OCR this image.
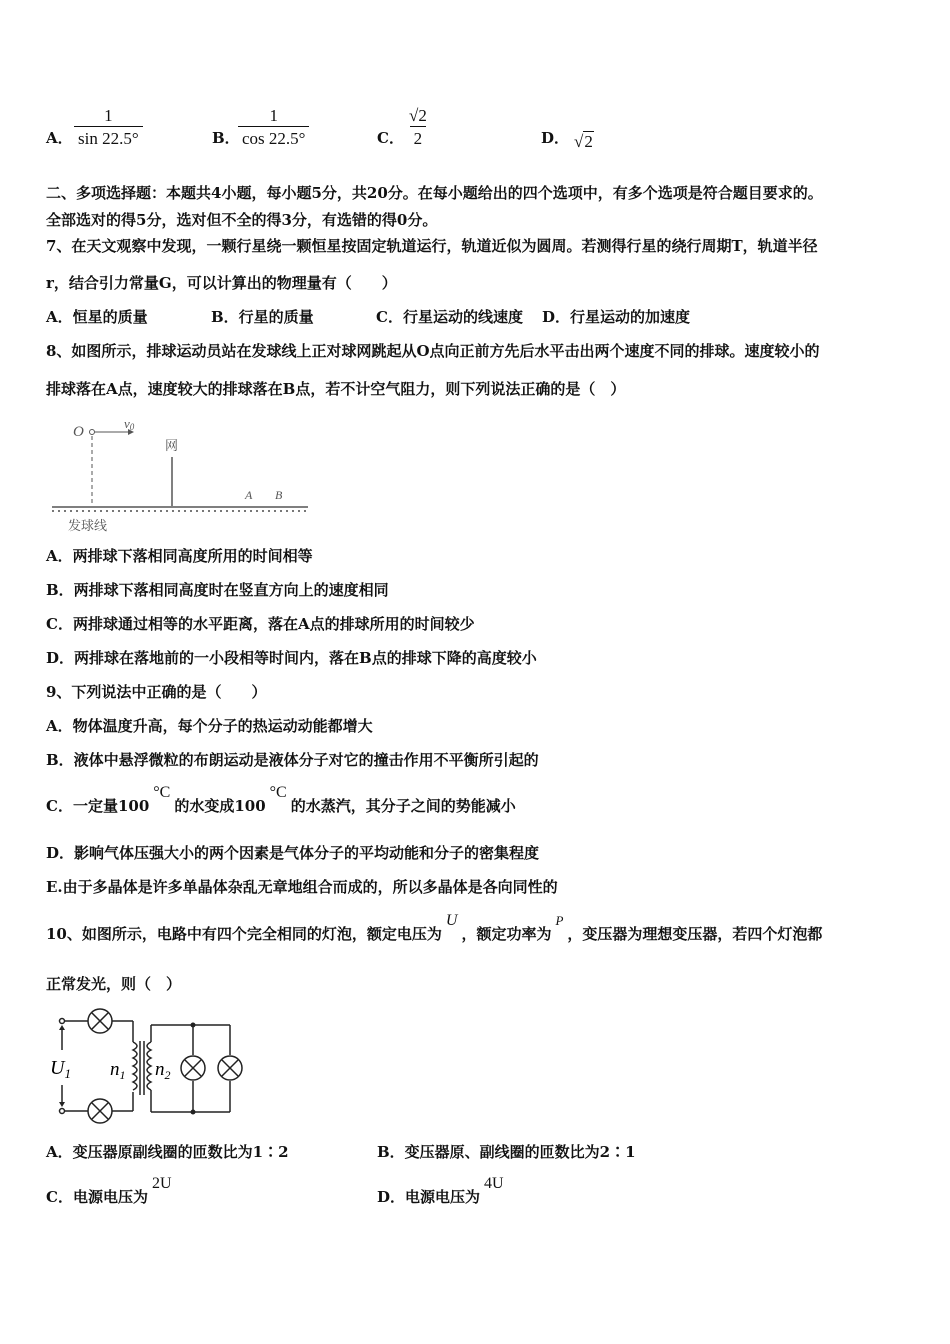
A． $\frac{1}{\sin 22.5^\circ}$	B．
$\frac{1}{\cos 22.5^\circ}$	C． $\frac{√2}{2}$	D． √2
二、多项选择题：本题共4小题，每小题5分，共20分。在每小题给出的四个选项中，有多个选项是符合题目要求的。
全部选对的得5分，选对但不全的得3分，有选错的得0分。
7、在天文观察中发现，一颗行星绕一颗恒星按固定轨道运行，轨道近似为圆周。若测得行星的绕行周期T，轨道半径
r，结合引力常量G，可以计算出的物理量有（　　）
A．恒星的质量	B．行星的质量	C．行星运动的线速度 D．行星运动的加速度
8、如图所示，排球运动员站在发球线上正对球网跳起从O点向正前方先后水平击出两个速度不同的排球。速度较小的
排球落在A点，速度较大的排球落在B点，若不计空气阻力，则下列说法正确的是（　）
O
v0
网
A B
发球线
A．两排球下落相同高度所用的时间相等
B．两排球下落相同高度时在竖直方向上的速度相同
C．两排球通过相等的水平距离，落在A点的排球所用的时间较少
D．两排球在落地前的一小段相等时间内，落在B点的排球下降的高度较小
9、下列说法中正确的是（　　）
A．物体温度升高，每个分子的热运动动能都增大
B．液体中悬浮微粒的布朗运动是液体分子对它的撞击作用不平衡所引起的
C．一定量100°C的水变成100°C的水蒸汽，其分子之间的势能减小
D．影响气体压强大小的两个因素是气体分子的平均动能和分子的密集程度
E.由于多晶体是许多单晶体杂乱无章地组合而成的，所以多晶体是各向同性的
10、如图所示，电路中有四个完全相同的灯泡，额定电压为U，额定功率为P，变压器为理想变压器，若四个灯泡都
正常发光，则（　）
$U_1$ $n_1$ $n_2$
A．变压器原副线圈的匝数比为1∶2	B．变压器原、副线圈的匝数比为2∶1
C．电源电压为2U
D．电源电压为4U
